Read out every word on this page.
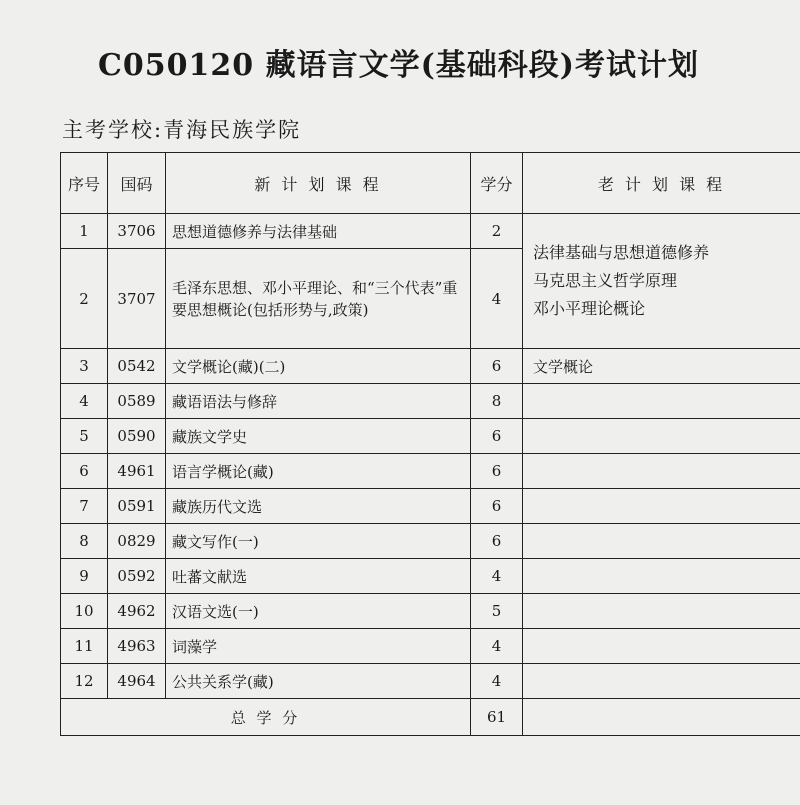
C050120 藏语言文学(基础科段)考试计划
主考学校:青海民族学院
序号	国码	新 计 划 课 程	学分	老 计 划 课 程
1	3706	思想道德修养与法律基础	2	法律基础与思想道德修养
马克思主义哲学原理
邓小平理论概论

2	3707	毛泽东思想、邓小平理论、和“三个代表”重要思想概论(包括形势与,政策)	4	
3	0542	文学概论(藏)(二)	6	文学概论
4	0589	藏语语法与修辞	8	
5	0590	藏族文学史	6	
6	4961	语言学概论(藏)	6	
7	0591	藏族历代文选	6	
8	0829	藏文写作(一)	6	
9	0592	吐蕃文献选	4	
10	4962	汉语文选(一)	5	
11	4963	词藻学	4	
12	4964	公共关系学(藏)	4	
总 学 分			61	
